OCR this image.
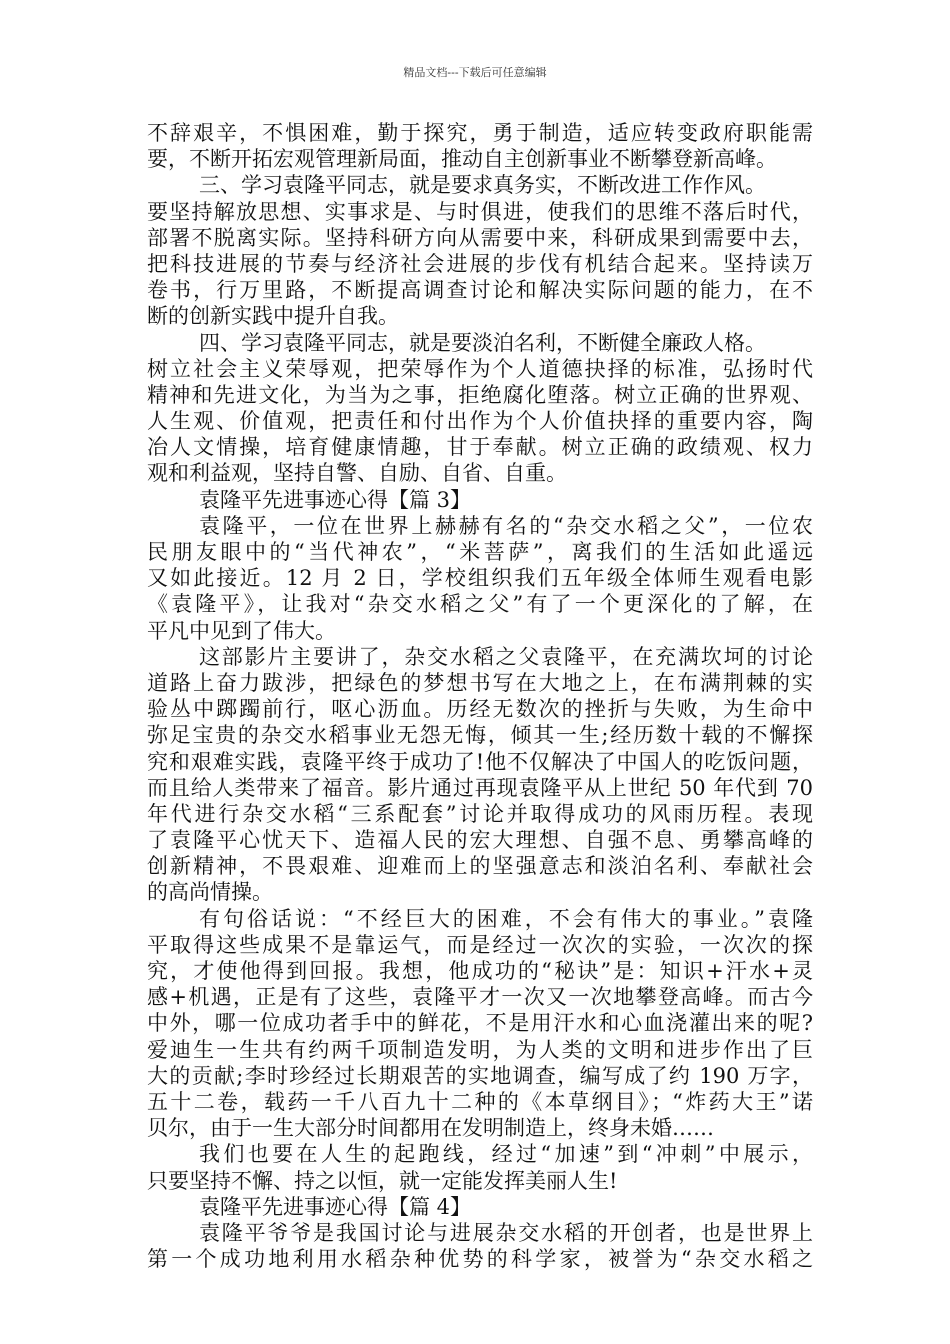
精品文档---下载后可任意编辑
不辞艰辛，不惧困难，勤于探究，勇于制造，适应转变政府职能需
要，不断开拓宏观管理新局面，推动自主创新事业不断攀登新高峰。
三、学习袁隆平同志，就是要求真务实，不断改进工作作风。
要坚持解放思想、实事求是、与时俱进，使我们的思维不落后时代，
部署不脱离实际。坚持科研方向从需要中来，科研成果到需要中去，
把科技进展的节奏与经济社会进展的步伐有机结合起来。坚持读万
卷书，行万里路，不断提高调查讨论和解决实际问题的能力，在不
断的创新实践中提升自我。
四、学习袁隆平同志，就是要淡泊名利，不断健全廉政人格。
树立社会主义荣辱观，把荣辱作为个人道德抉择的标准，弘扬时代
精神和先进文化，为当为之事，拒绝腐化堕落。树立正确的世界观、
人生观、价值观，把责任和付出作为个人价值抉择的重要内容，陶
冶人文情操，培育健康情趣，甘于奉献。树立正确的政绩观、权力
观和利益观，坚持自警、自励、自省、自重。
袁隆平先进事迹心得【篇 3】
袁隆平，一位在世界上赫赫有名的“杂交水稻之父”，一位农
民朋友眼中的“当代神农”，“米菩萨”，离我们的生活如此遥远
又如此接近。12 月 2 日，学校组织我们五年级全体师生观看电影
《袁隆平》，让我对“杂交水稻之父”有了一个更深化的了解，在
平凡中见到了伟大。
这部影片主要讲了，杂交水稻之父袁隆平，在充满坎坷的讨论
道路上奋力跋涉，把绿色的梦想书写在大地之上，在布满荆棘的实
验丛中踯躅前行，呕心沥血。历经无数次的挫折与失败，为生命中
弥足宝贵的杂交水稻事业无怨无悔，倾其一生;经历数十载的不懈探
究和艰难实践，袁隆平终于成功了!他不仅解决了中国人的吃饭问题，
而且给人类带来了福音。影片通过再现袁隆平从上世纪 50 年代到 70
年代进行杂交水稻“三系配套”讨论并取得成功的风雨历程。表现
了袁隆平心忧天下、造福人民的宏大理想、自强不息、勇攀高峰的
创新精神，不畏艰难、迎难而上的坚强意志和淡泊名利、奉献社会
的高尚情操。
有句俗话说：“不经巨大的困难，不会有伟大的事业。”袁隆
平取得这些成果不是靠运气，而是经过一次次的实验，一次次的探
究，才使他得到回报。我想，他成功的“秘诀”是：知识+汗水+灵
感+机遇，正是有了这些，袁隆平才一次又一次地攀登高峰。而古今
中外，哪一位成功者手中的鲜花，不是用汗水和心血浇灌出来的呢?
爱迪生一生共有约两千项制造发明，为人类的文明和进步作出了巨
大的贡献;李时珍经过长期艰苦的实地调查，编写成了约 190 万字，
五十二卷，载药一千八百九十二种的《本草纲目》；“炸药大王”诺
贝尔，由于一生大部分时间都用在发明制造上，终身未婚……
我们也要在人生的起跑线，经过“加速”到“冲刺”中展示，
只要坚持不懈、持之以恒，就一定能发挥美丽人生!
袁隆平先进事迹心得【篇 4】
袁隆平爷爷是我国讨论与进展杂交水稻的开创者，也是世界上
第一个成功地利用水稻杂种优势的科学家，被誉为“杂交水稻之
